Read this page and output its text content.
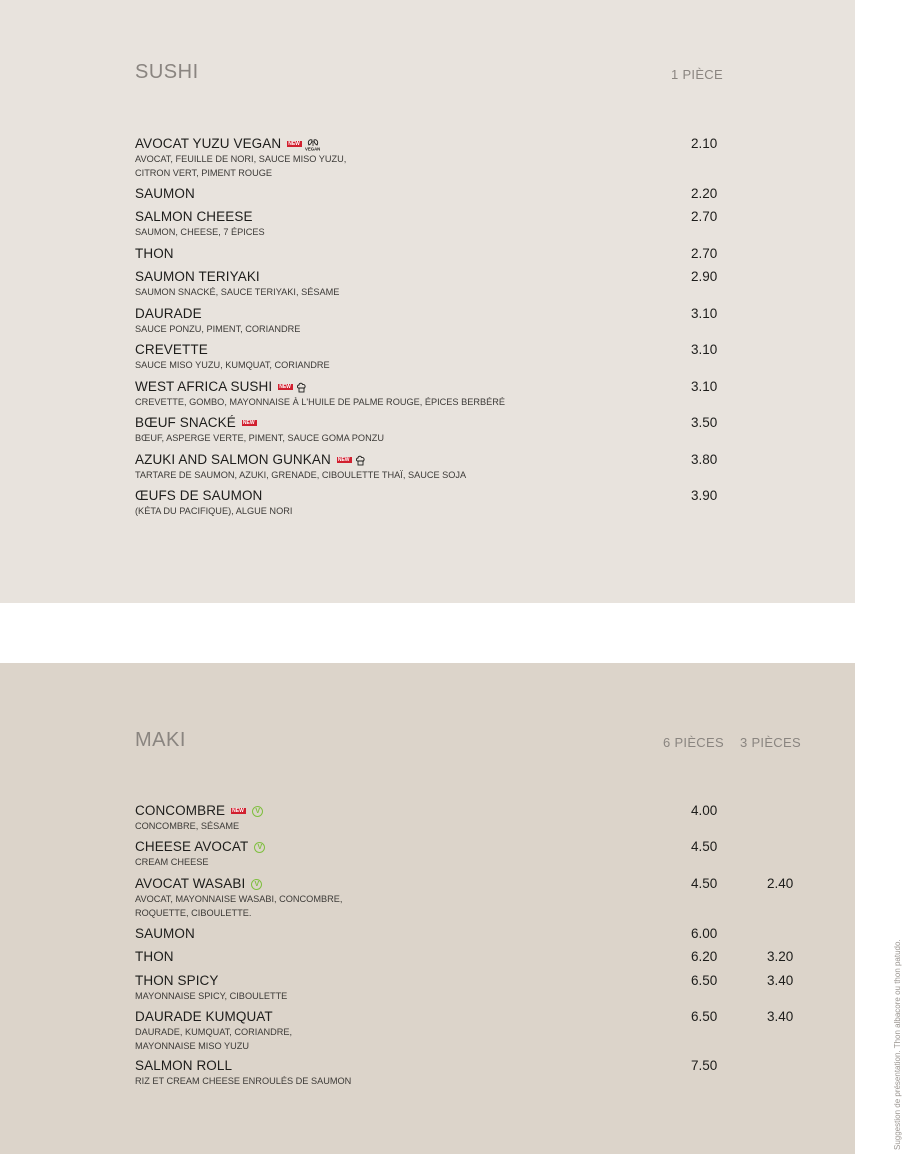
SUSHI	1 PIÈCE
AVOCAT YUZU VEGAN
NEW	VEGAN
AVOCAT, FEUILLE DE NORI, SAUCE MISO YUZU,
CITRON VERT, PIMENT ROUGE
2.10
SAUMON	2.20
SALMON CHEESE
SAUMON, CHEESE, 7 ÉPICES
2.70
THON	2.70
SAUMON TERIYAKI
SAUMON SNACKÉ, SAUCE TERIYAKI, SÉSAME
2.90
DAURADE
SAUCE PONZU, PIMENT, CORIANDRE
3.10
CREVETTE
SAUCE MISO YUZU, KUMQUAT, CORIANDRE
3.10
WEST AFRICA SUSHI
NEW
CREVETTE, GOMBO, MAYONNAISE À L'HUILE DE PALME ROUGE, ÉPICES BERBÉRÉ
3.10
BŒUF SNACKÉ
NEW
BŒUF, ASPERGE VERTE, PIMENT, SAUCE GOMA PONZU
3.50
AZUKI AND SALMON GUNKAN
NEW
TARTARE DE SAUMON, AZUKI, GRENADE, CIBOULETTE THAÏ, SAUCE SOJA
3.80
ŒUFS DE SAUMON
(KÉTA DU PACIFIQUE), ALGUE NORI
3.90
MAKI	6 PIÈCES 3 PIÈCES
CONCOMBRE
NEW	V
CONCOMBRE, SÉSAME
4.00
CHEESE AVOCAT	V
CREAM CHEESE
4.50
AVOCAT WASABI	V
AVOCAT, MAYONNAISE WASABI, CONCOMBRE,
ROQUETTE, CIBOULETTE.
4.50	2.40
SAUMON	6.00
THON	6.20	3.20
THON SPICY
MAYONNAISE SPICY, CIBOULETTE
6.50	3.40
DAURADE KUMQUAT
DAURADE, KUMQUAT, CORIANDRE,
MAYONNAISE MISO YUZU
6.50	3.40
SALMON ROLL
RIZ ET CREAM CHEESE ENROULÉS DE SAUMON
7.50	Suggestion de présentation. Thon albacore ou thon patudo.
